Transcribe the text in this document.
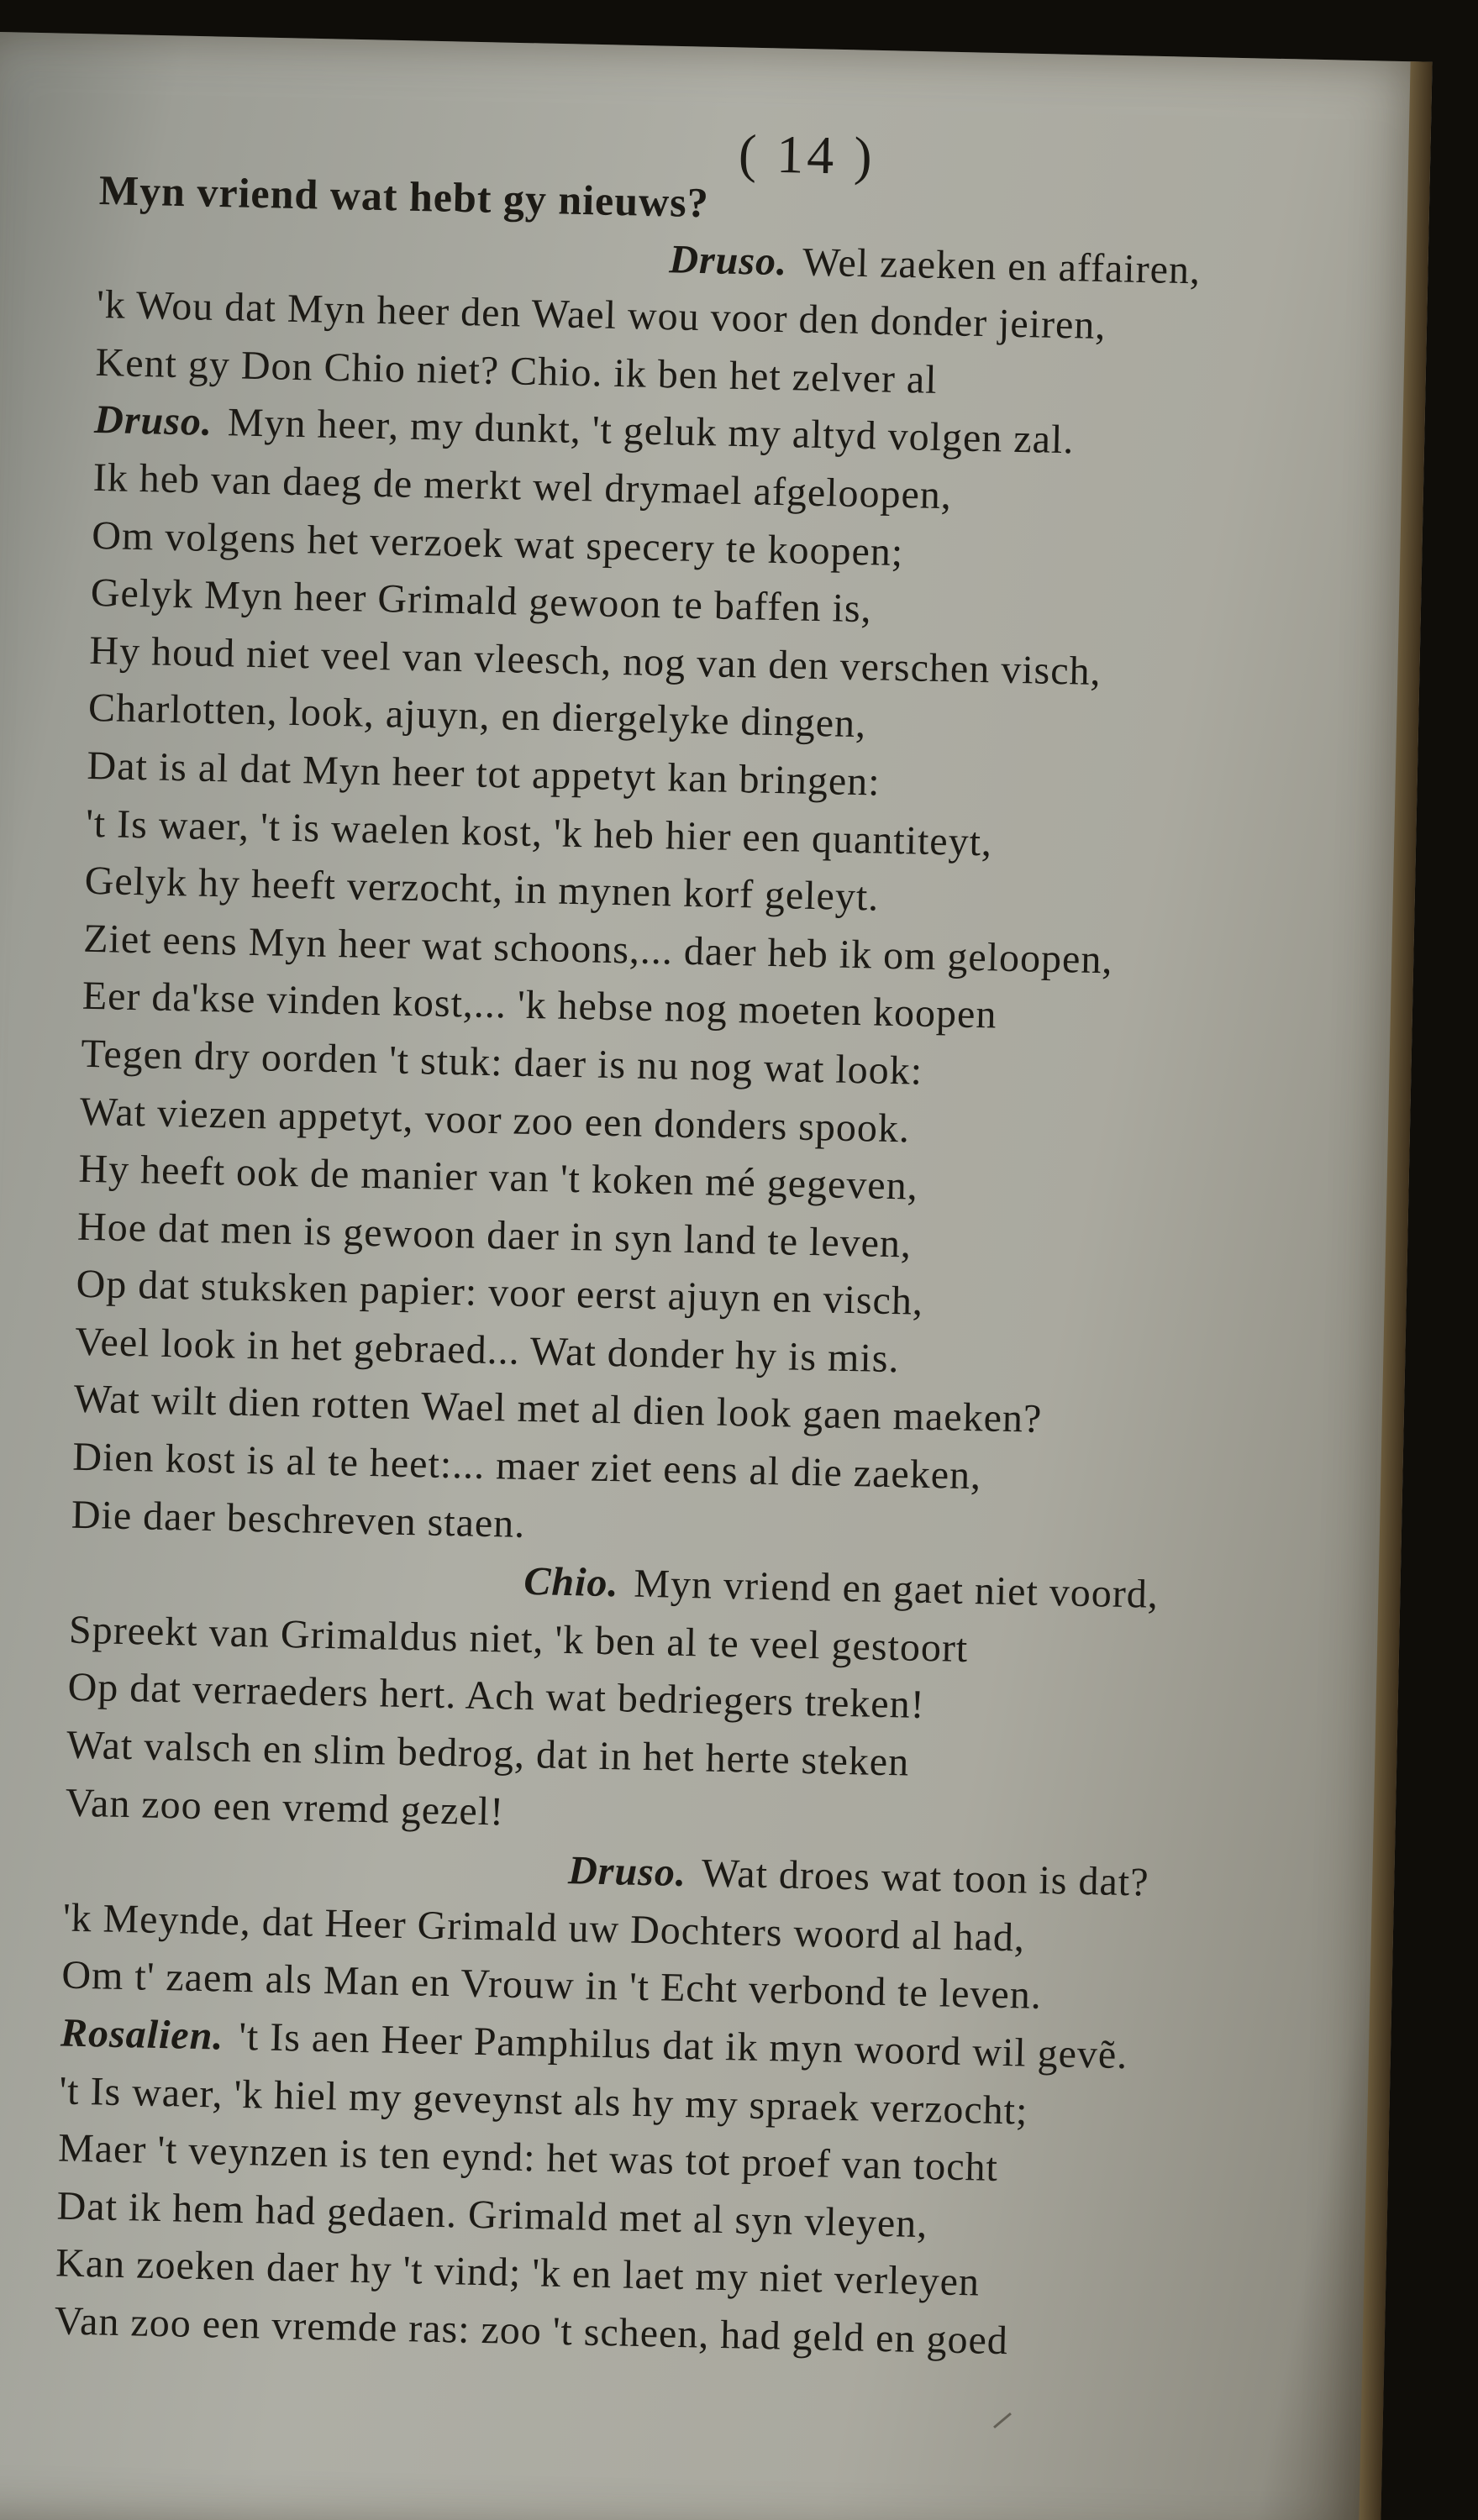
( 14 )
Myn vriend wat hebt gy nieuws?
Druso. Wel zaeken en affairen,
'k Wou dat Myn heer den Wael wou voor den donder jeiren,
Kent gy Don Chio niet? Chio. ik ben het zelver al
Druso. Myn heer, my dunkt, 't geluk my altyd volgen zal.
Ik heb van daeg de merkt wel drymael afgeloopen,
Om volgens het verzoek wat specery te koopen;
Gelyk Myn heer Grimald gewoon te baffen is,
Hy houd niet veel van vleesch, nog van den verschen visch,
Charlotten, look, ajuyn, en diergelyke dingen,
Dat is al dat Myn heer tot appetyt kan bringen:
't Is waer, 't is waelen kost, 'k heb hier een quantiteyt,
Gelyk hy heeft verzocht, in mynen korf geleyt.
Ziet eens Myn heer wat schoons,... daer heb ik om geloopen,
Eer da'kse vinden kost,... 'k hebse nog moeten koopen
Tegen dry oorden 't stuk: daer is nu nog wat look:
Wat viezen appetyt, voor zoo een donders spook.
Hy heeft ook de manier van 't koken mé gegeven,
Hoe dat men is gewoon daer in syn land te leven,
Op dat stuksken papier: voor eerst ajuyn en visch,
Veel look in het gebraed... Wat donder hy is mis.
Wat wilt dien rotten Wael met al dien look gaen maeken?
Dien kost is al te heet:... maer ziet eens al die zaeken,
Die daer beschreven staen.
Chio. Myn vriend en gaet niet voord,
Spreekt van Grimaldus niet, 'k ben al te veel gestoort
Op dat verraeders hert. Ach wat bedriegers treken!
Wat valsch en slim bedrog, dat in het herte steken
Van zoo een vremd gezel!
Druso. Wat droes wat toon is dat?
'k Meynde, dat Heer Grimald uw Dochters woord al had,
Om t' zaem als Man en Vrouw in 't Echt verbond te leven.
Rosalien. 't Is aen Heer Pamphilus dat ik myn woord wil gevẽ.
't Is waer, 'k hiel my geveynst als hy my spraek verzocht;
Maer 't veynzen is ten eynd: het was tot proef van tocht
Dat ik hem had gedaen. Grimald met al syn vleyen,
Kan zoeken daer hy 't vind; 'k en laet my niet verleyen
Van zoo een vremde ras: zoo 't scheen, had geld en goed
